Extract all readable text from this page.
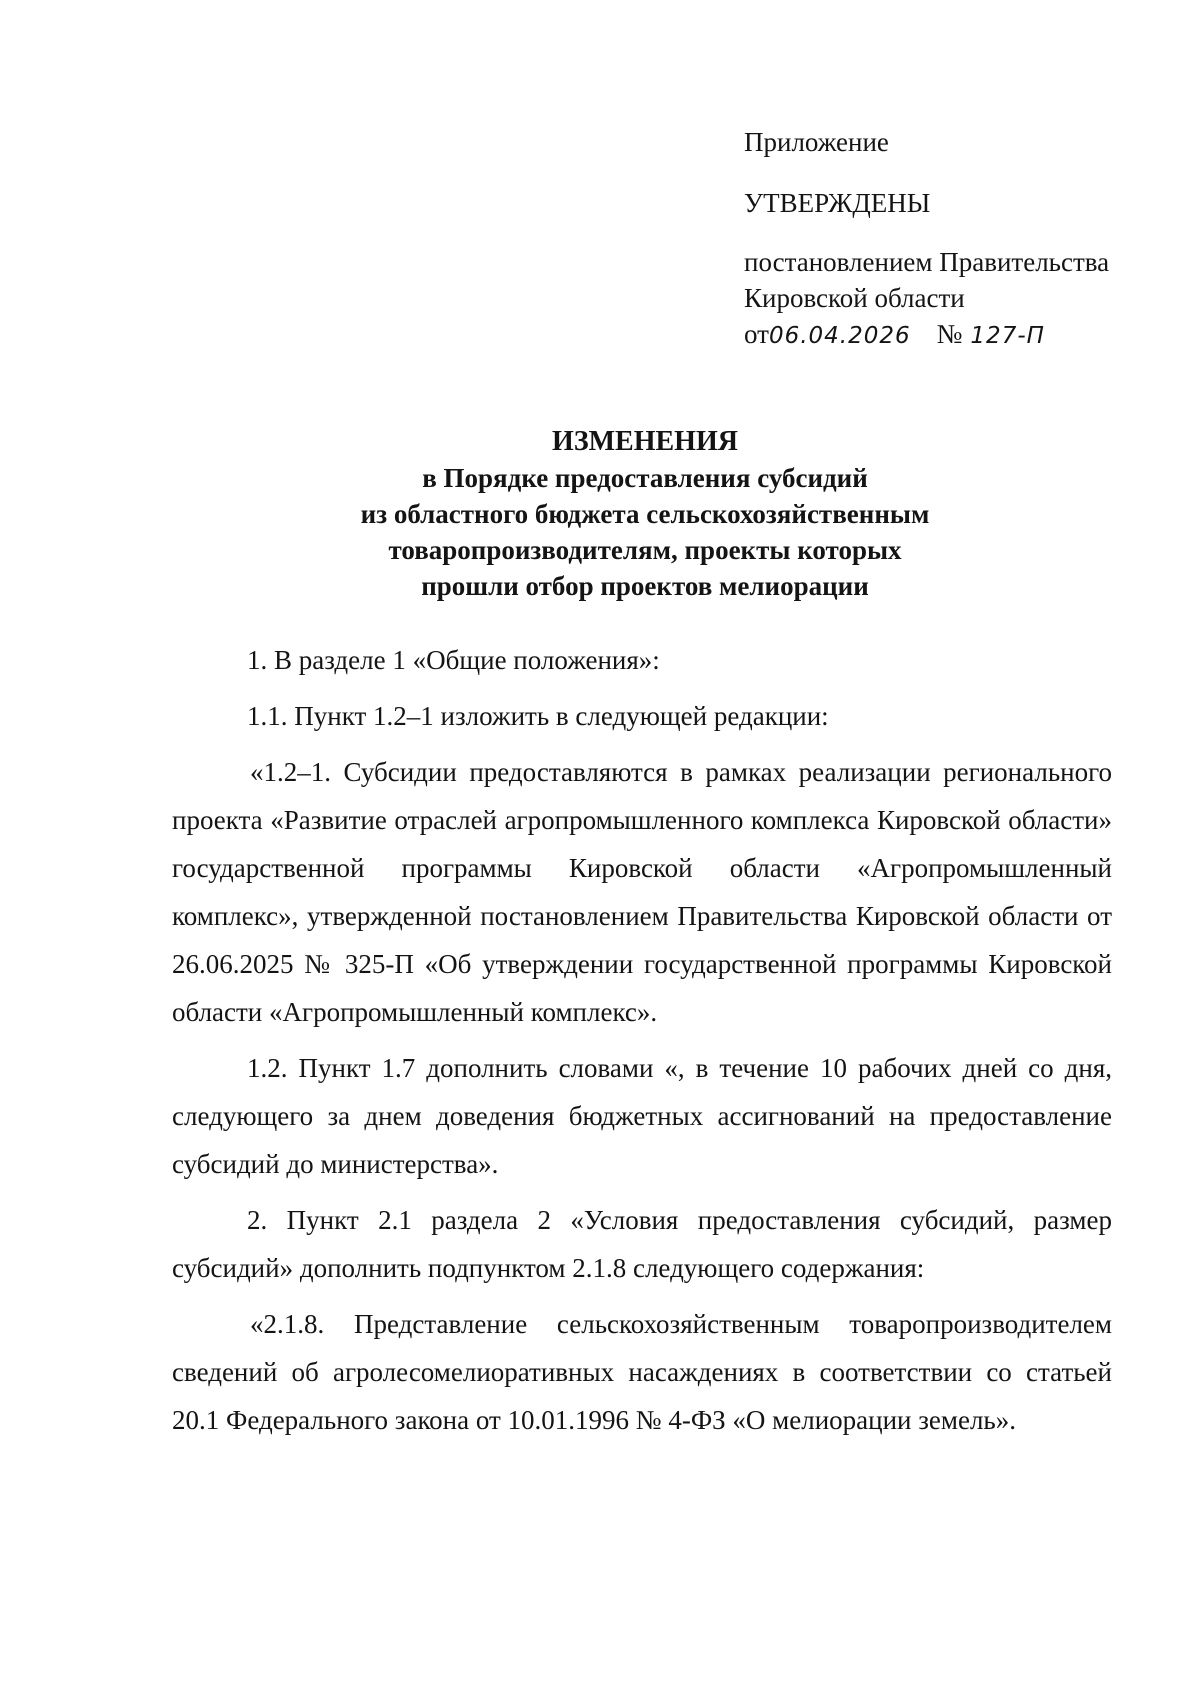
Приложение
УТВЕРЖДЕНЫ
постановлением Правительства
Кировской области
от06.04.2026 № 127-П
ИЗМЕНЕНИЯ
в Порядке предоставления субсидий
из областного бюджета сельскохозяйственным
товаропроизводителям, проекты которых
прошли отбор проектов мелиорации

1. В разделе 1 «Общие положения»:

1.1. Пункт 1.2–1 изложить в следующей редакции:

«1.2–1. Субсидии предоставляются в рамках реализации регионального проекта «Развитие отраслей агропромышленного комплекса Кировской области» государственной программы Кировской области «Агропромышленный комплекс», утвержденной постановлением Правительства Кировской области от 26.06.2025 № 325-П «Об утверждении государственной программы Кировской области «Агропромышленный комплекс».

1.2. Пункт 1.7 дополнить словами «, в течение 10 рабочих дней со дня, следующего за днем доведения бюджетных ассигнований на предоставление субсидий до министерства».

2. Пункт 2.1 раздела 2 «Условия предоставления субсидий, размер субсидий» дополнить подпунктом 2.1.8 следующего содержания:

«2.1.8. Представление сельскохозяйственным товаропроизводителем сведений об агролесомелиоративных насаждениях в соответствии со статьей 20.1 Федерального закона от 10.01.1996 № 4-ФЗ «О мелиорации земель».
